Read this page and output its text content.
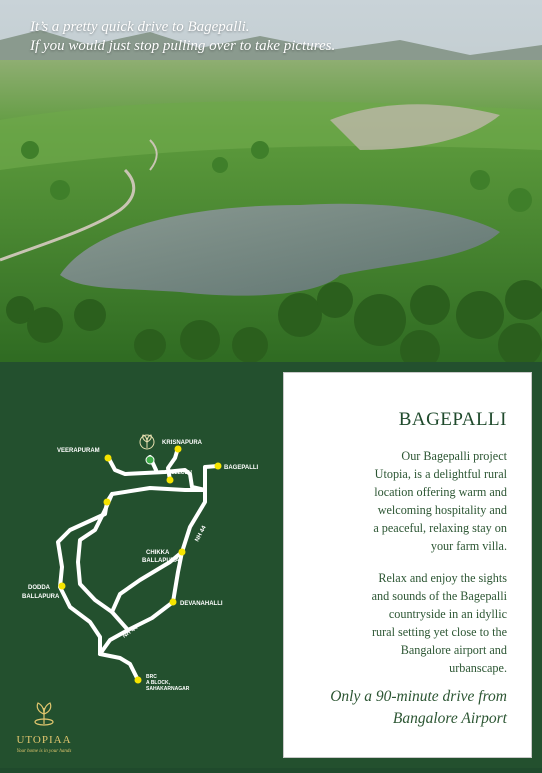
It’s a pretty quick drive to Bagepalli.
If you would just stop pulling over to take pictures.
VEERAPURAM
KRISNAPURA
YELLODU
BAGEPALLI
CHIKKA
BALLAPURA
DODDA
BALLAPURA
DEVANAHALLI
NH 44
NH 44
BRC
A BLOCK,
SAHAKARNAGAR
UTOPIAA
Your home is in your hands
BAGEPALLI
Our Bagepalli project
Utopia, is a delightful rural
location offering warm and
welcoming hospitality and
a peaceful, relaxing stay on
your farm villa.
Relax and enjoy the sights
and sounds of the Bagepalli
countryside in an idyllic
rural setting yet close to the
Bangalore airport and
urbanscape.
Only a 90-minute drive from
Bangalore Airport
